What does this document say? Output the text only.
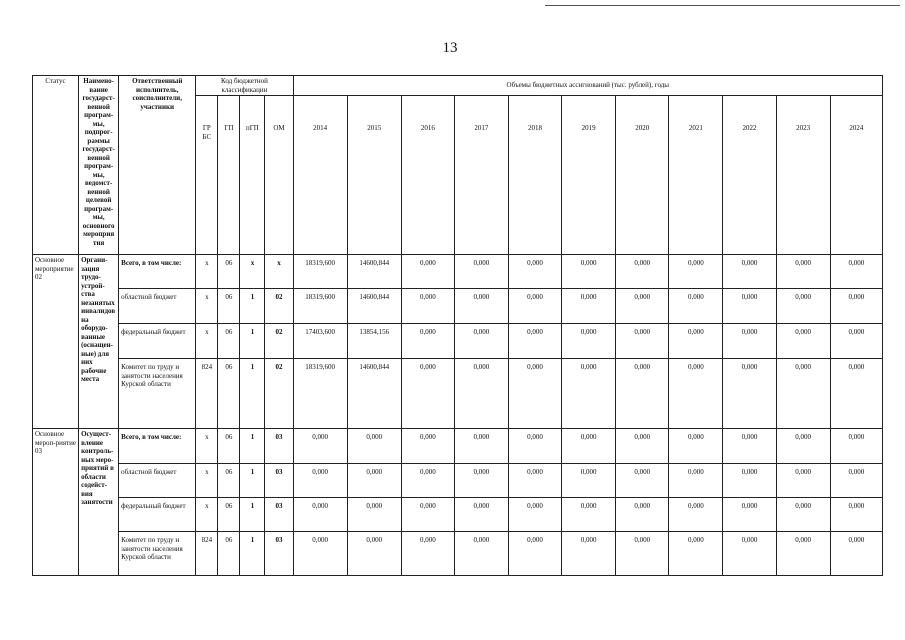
13
Статус	Наимено-вание государст-венной програм-мы, подпрог-раммы государст-венной програм-мы, ведомст-венной целевой програм-мы, основного мероприя тия	Ответственный исполнитель, соисполнители, участники	Код бюджетной классификации				Объемы бюджетных ассигнований (тыс. рублей), годы										
			ГР БС	ГП	пГП	ОМ	2014	2015	2016	2017	2018	2019	2020	2021	2022	2023	2024
Основное мероприятие 02	Органи-зация трудо-устрой-ства незанятых инвалидов на оборудо-ванные (оснащен-ные) для них рабочие места	Всего, в том числе:	x	06	x	x	18319,600	14600,844	0,000	0,000	0,000	0,000	0,000	0,000	0,000	0,000	0,000
		областной бюджет	x	06	1	02	18319,600	14600,844	0,000	0,000	0,000	0,000	0,000	0,000	0,000	0,000	0,000
		федеральный бюджет	x	06	1	02	17403,600	13854,156	0,000	0,000	0,000	0,000	0,000	0,000	0,000	0,000	0,000
		Комитет по труду и занятости населения Курской области	824	06	1	02	18319,600	14600,844	0,000	0,000	0,000	0,000	0,000	0,000	0,000	0,000	0,000
Основное мероп-риятие 03	Осущест-вление контроль-ных меро-приятий в области содейст-вия занятости	Всего, в том числе:	x	06	1	03	0,000	0,000	0,000	0,000	0,000	0,000	0,000	0,000	0,000	0,000	0,000
		областной бюджет	x	06	1	03	0,000	0,000	0,000	0,000	0,000	0,000	0,000	0,000	0,000	0,000	0,000
		федеральный бюджет	x	06	1	03	0,000	0,000	0,000	0,000	0,000	0,000	0,000	0,000	0,000	0,000	0,000
		Комитет по труду и занятости населения Курской области	824	06	1	03	0,000	0,000	0,000	0,000	0,000	0,000	0,000	0,000	0,000	0,000	0,000
